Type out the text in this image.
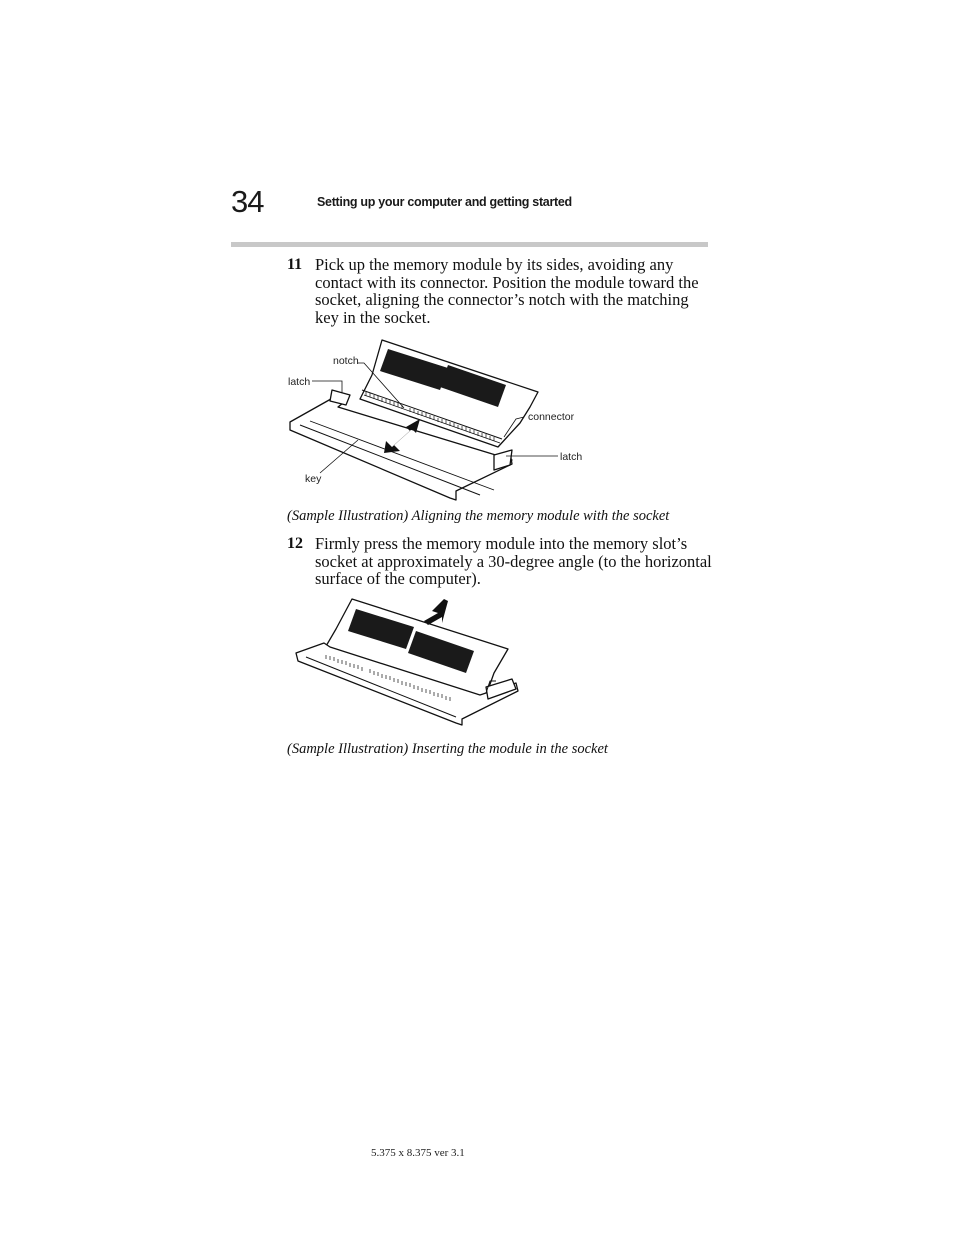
34	Setting up your computer and getting started
11 Pick up the memory module by its sides, avoiding any contact with its connector. Position the module toward the socket, aligning the connector’s notch with the matching key in the socket.
notch
latch
connector
latch
key
(Sample Illustration) Aligning the memory module with the socket
12 Firmly press the memory module into the memory slot’s socket at approximately a 30-degree angle (to the horizontal surface of the computer).
(Sample Illustration) Inserting the module in the socket
5.375 x 8.375 ver 3.1
